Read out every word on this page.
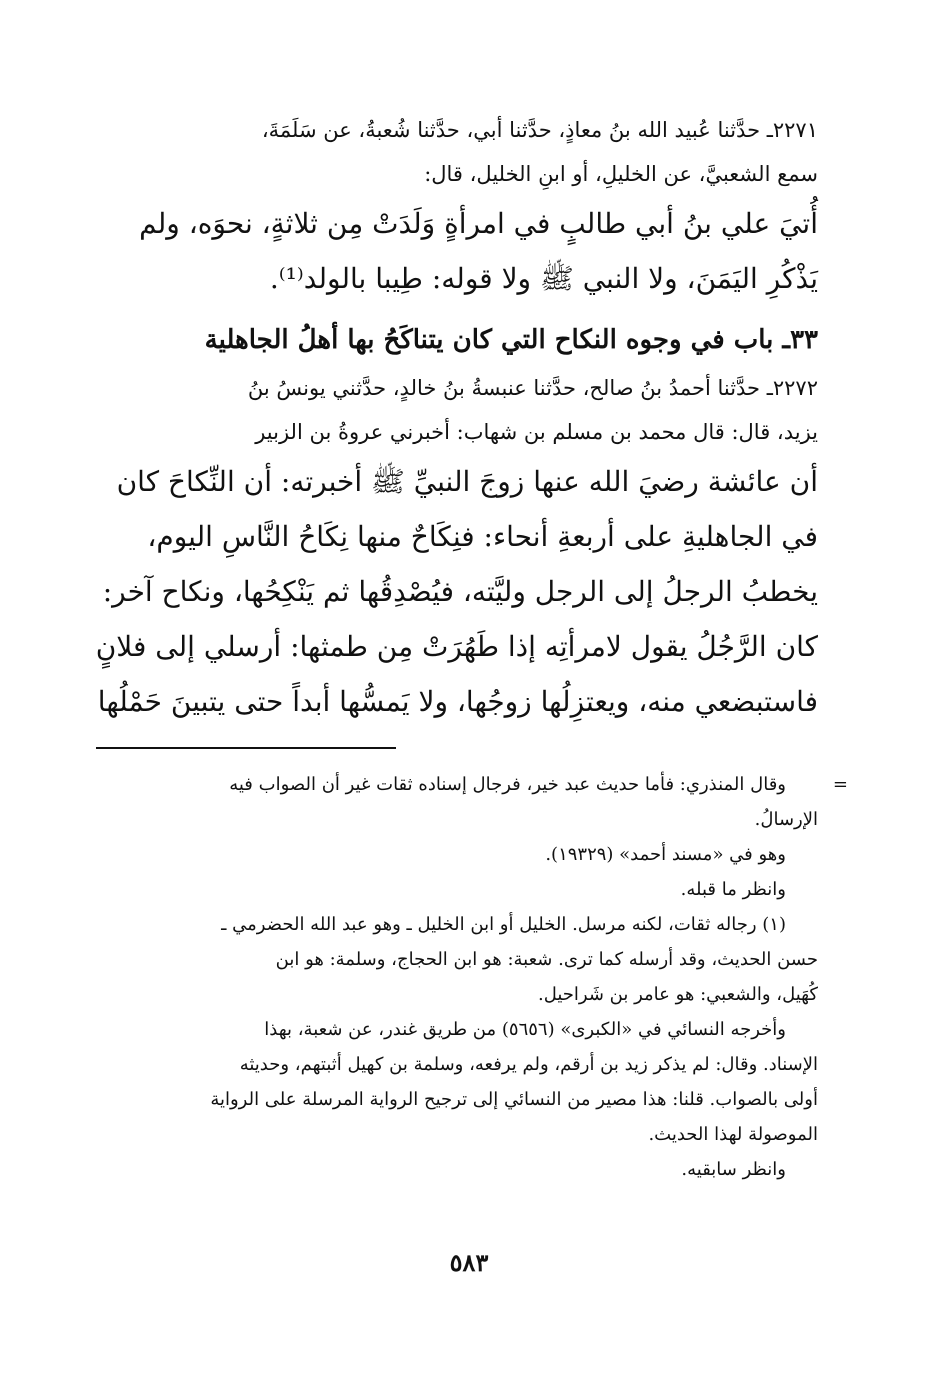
٢٢٧١ـ حدَّثنا عُبيد الله بنُ معاذٍ، حدَّثنا أبي، حدَّثنا شُعبةُ، عن سَلَمَةَ،
سمع الشعبيَّ، عن الخليلِ، أو ابنِ الخليل، قال:
أُتيَ علي بنُ أبي طالبٍ في امرأةٍ وَلَدَتْ مِن ثلاثةٍ، نحوَه، ولم
يَذْكُرِ اليَمَنَ، ولا النبي ﷺ ولا قوله: طِيبا بالولد⁽¹⁾.
٣٣ـ باب في وجوه النكاح التي كان يتناكَحُ بها أهلُ الجاهلية
٢٢٧٢ـ حدَّثنا أحمدُ بنُ صالح، حدَّثنا عنبسةُ بنُ خالدٍ، حدَّثني يونسُ بنُ
يزيد، قال: قال محمد بن مسلم بن شهاب: أخبرني عروةُ بن الزبير
أن عائشة رضيَ الله عنها زوجَ النبيِّ ﷺ أخبرته: أن النِّكاحَ كان
في الجاهليةِ على أربعةِ أنحاء: فنِكَاحٌ منها نِكَاحُ النَّاسِ اليوم،
يخطبُ الرجلُ إلى الرجل وليَّته، فيُصْدِقُها ثم يَنْكِحُها، ونكاح آخر:
كان الرَّجُلُ يقول لامرأتِه إذا طَهُرَتْ مِن طمثها: أرسلي إلى فلانٍ
فاستبضعي منه، ويعتزِلُها زوجُها، ولا يَمسُّها أبداً حتى يتبينَ حَمْلُها
=
وقال المنذري: فأما حديث عبد خير، فرجال إسناده ثقات غير أن الصواب فيه
الإرسالُ.
وهو في «مسند أحمد» (١٩٣٢٩).
وانظر ما قبله.
(١) رجاله ثقات، لكنه مرسل. الخليل أو ابن الخليل ـ وهو عبد الله الحضرمي ـ
حسن الحديث، وقد أرسله كما ترى. شعبة: هو ابن الحجاج، وسلمة: هو ابن
كُهَيل، والشعبي: هو عامر بن شَراحيل.
وأخرجه النسائي في «الكبرى» (٥٦٥٦) من طريق غندر، عن شعبة، بهذا
الإسناد. وقال: لم يذكر زيد بن أرقم، ولم يرفعه، وسلمة بن كهيل أثبتهم، وحديثه
أولى بالصواب. قلنا: هذا مصير من النسائي إلى ترجيح الرواية المرسلة على الرواية
الموصولة لهذا الحديث.
وانظر سابقيه.
٥٨٣
